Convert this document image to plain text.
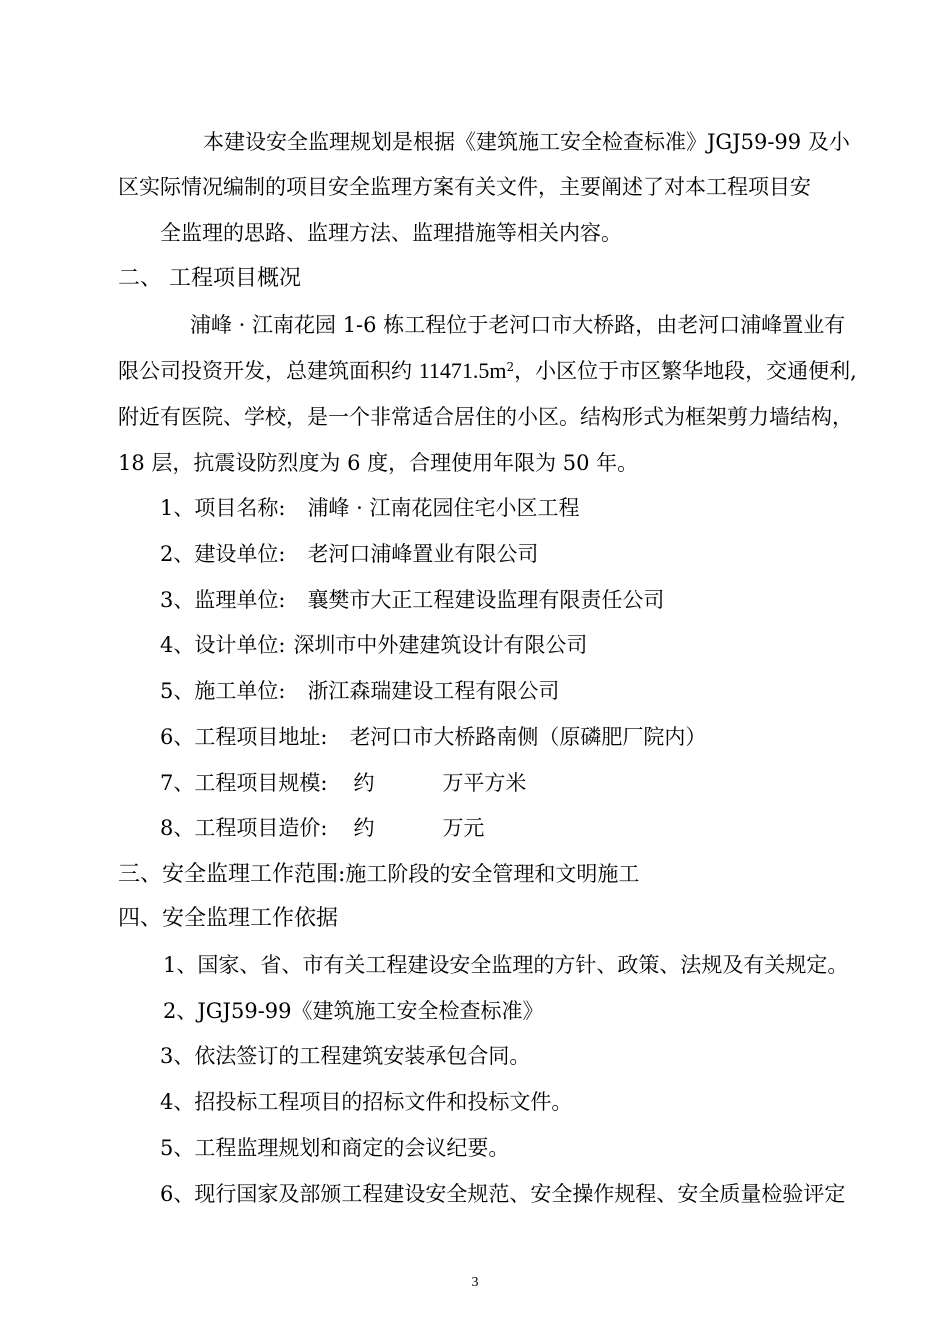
本建设安全监理规划是根据《建筑施工安全检查标准》JGJ59-99 及小
区实际情况编制的项目安全监理方案有关文件，主要阐述了对本工程项目安
全监理的思路、监理方法、监理措施等相关内容。
二、 工程项目概况
浦峰 · 江南花园 1-6 栋工程位于老河口市大桥路，由老河口浦峰置业有
限公司投资开发，总建筑面积约 $11471.5m^2$，小区位于市区繁华地段，交通便利,
附近有医院、学校，是一个非常适合居住的小区。结构形式为框架剪力墙结构，
18 层，抗震设防烈度为 6 度，合理使用年限为 50 年。
1、项目名称: 浦峰 · 江南花园住宅小区工程
2、建设单位: 老河口浦峰置业有限公司
3、监理单位: 襄樊市大正工程建设监理有限责任公司
4、设计单位: 深圳市中外建建筑设计有限公司
5、施工单位: 浙江森瑞建设工程有限公司
6、工程项目地址: 老河口市大桥路南侧（原磷肥厂院内）
7、工程项目规模: 约	万平方米
8、工程项目造价: 约	万元
三、安全监理工作范围:施工阶段的安全管理和文明施工
四、安全监理工作依据
1、国家、省、市有关工程建设安全监理的方针、政策、法规及有关规定。
2、JGJ59-99《建筑施工安全检查标准》
3、依法签订的工程建筑安装承包合同。
4、招投标工程项目的招标文件和投标文件。
5、工程监理规划和商定的会议纪要。
6、现行国家及部颁工程建设安全规范、安全操作规程、安全质量检验评定
3
